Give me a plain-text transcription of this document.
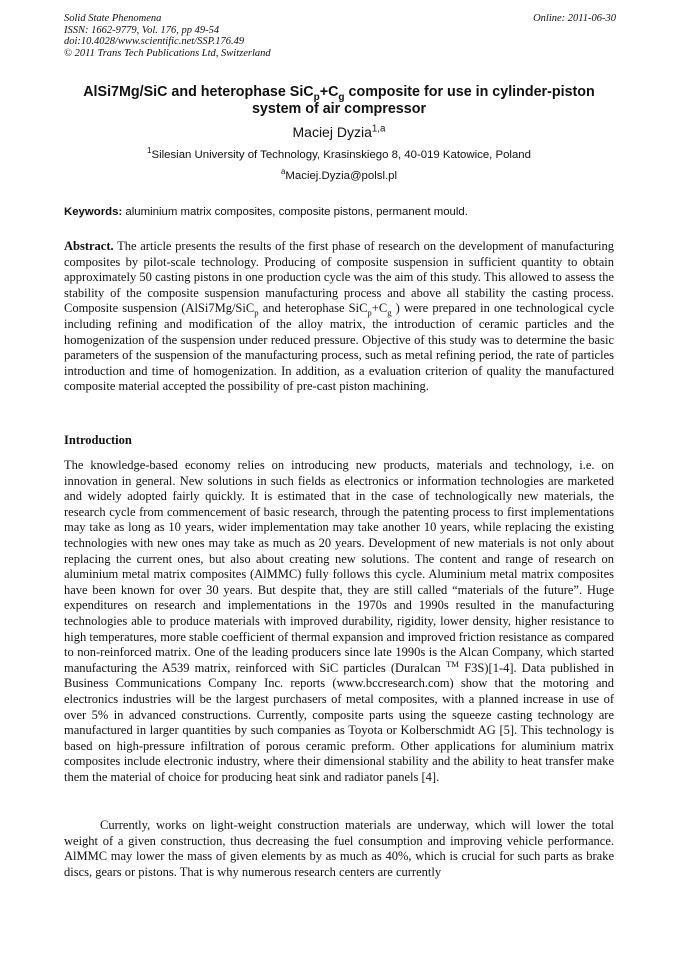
Solid State Phenomena
ISSN: 1662-9779, Vol. 176, pp 49-54
doi:10.4028/www.scientific.net/SSP.176.49
© 2011 Trans Tech Publications Ltd, Switzerland
Online: 2011-06-30
AlSi7Mg/SiC and heterophase $SiC_p+C_g$ composite for use in cylinder-piston system of air compressor
Maciej Dyzia$^{1,a}$
$^1$Silesian University of Technology, Krasinskiego 8, 40-019 Katowice, Poland
$^a$Maciej.Dyzia@polsl.pl
Keywords: aluminium matrix composites, composite pistons, permanent mould.
Abstract. The article presents the results of the first phase of research on the development of manufacturing composites by pilot-scale technology. Producing of composite suspension in sufficient quantity to obtain approximately 50 casting pistons in one production cycle was the aim of this study. This allowed to assess the stability of the composite suspension manufacturing process and above all stability the casting process. Composite suspension (AlSi7Mg/SiC$_p$ and heterophase $SiC_p+C_g$ ) were prepared in one technological cycle including refining and modification of the alloy matrix, the introduction of ceramic particles and the homogenization of the suspension under reduced pressure. Objective of this study was to determine the basic parameters of the suspension of the manufacturing process, such as metal refining period, the rate of particles introduction and time of homogenization. In addition, as a evaluation criterion of quality the manufactured composite material accepted the possibility of pre-cast piston machining.
Introduction
The knowledge-based economy relies on introducing new products, materials and technology, i.e. on innovation in general. New solutions in such fields as electronics or information technologies are marketed and widely adopted fairly quickly. It is estimated that in the case of technologically new materials, the research cycle from commencement of basic research, through the patenting process to first implementations may take as long as 10 years, wider implementation may take another 10 years, while replacing the existing technologies with new ones may take as much as 20 years. Development of new materials is not only about replacing the current ones, but also about creating new solutions. The content and range of research on aluminium metal matrix composites (AlMMC) fully follows this cycle. Aluminium metal matrix composites have been known for over 30 years. But despite that, they are still called “materials of the future”. Huge expenditures on research and implementations in the 1970s and 1990s resulted in the manufacturing technologies able to produce materials with improved durability, rigidity, lower density, higher resistance to high temperatures, more stable coefficient of thermal expansion and improved friction resistance as compared to non-reinforced matrix. One of the leading producers since late 1990s is the Alcan Company, which started manufacturing the A539 matrix, reinforced with SiC particles (Duralcan ™ F3S)[1-4]. Data published in Business Communications Company Inc. reports (www.bccresearch.com) show that the motoring and electronics industries will be the largest purchasers of metal composites, with a planned increase in use of over 5% in advanced constructions. Currently, composite parts using the squeeze casting technology are manufactured in larger quantities by such companies as Toyota or Kolberschmidt AG [5]. This technology is based on high-pressure infiltration of porous ceramic preform. Other applications for aluminium matrix composites include electronic industry, where their dimensional stability and the ability to heat transfer make them the material of choice for producing heat sink and radiator panels [4].
Currently, works on light-weight construction materials are underway, which will lower the total weight of a given construction, thus decreasing the fuel consumption and improving vehicle performance. AlMMC may lower the mass of given elements by as much as 40%, which is crucial for such parts as brake discs, gears or pistons. That is why numerous research centers are currently
